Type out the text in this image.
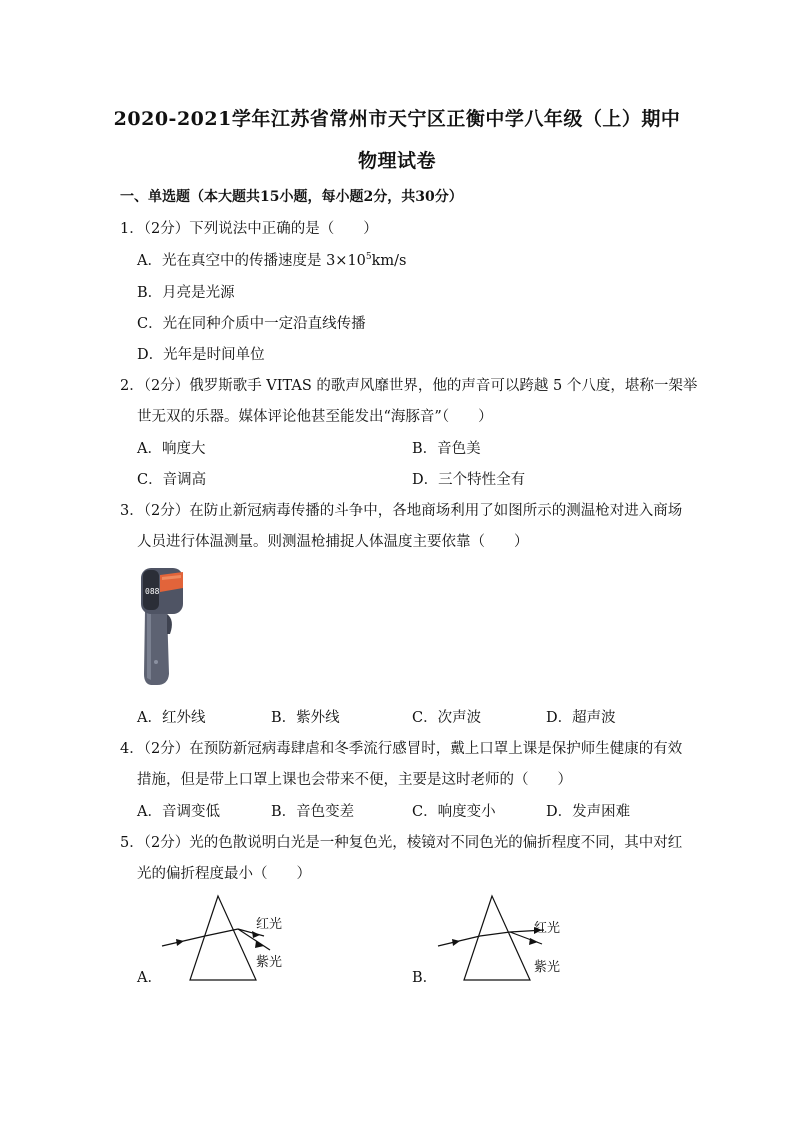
2020-2021学年江苏省常州市天宁区正衡中学八年级（上）期中
物理试卷
一、单选题（本大题共15小题，每小题2分，共30分）
1．（2分）下列说法中正确的是（　　）
A．光在真空中的传播速度是 $3\times 10^5km/s$
B．月亮是光源
C．光在同种介质中一定沿直线传播
D．光年是时间单位
2．（2分）俄罗斯歌手 VITAS 的歌声风靡世界，他的声音可以跨越 5 个八度，堪称一架举
世无双的乐器。媒体评论他甚至能发出“海豚音”（　　）
A．响度大	B．音色美
C．音调高	D．三个特性全有
3．（2分）在防止新冠病毒传播的斗争中，各地商场利用了如图所示的测温枪对进入商场
人员进行体温测量。则测温枪捕捉人体温度主要依靠（　　）
088
A．红外线	B．紫外线	C．次声波	D．超声波
4．（2分）在预防新冠病毒肆虐和冬季流行感冒时，戴上口罩上课是保护师生健康的有效
措施，但是带上口罩上课也会带来不便，主要是这时老师的（　　）
A．音调变低	B．音色变差	C．响度变小	D．发声困难
5．（2分）光的色散说明白光是一种复色光，棱镜对不同色光的偏折程度不同，其中对红
光的偏折程度最小（　　）
A．
红光
紫光
B．
红光
紫光
